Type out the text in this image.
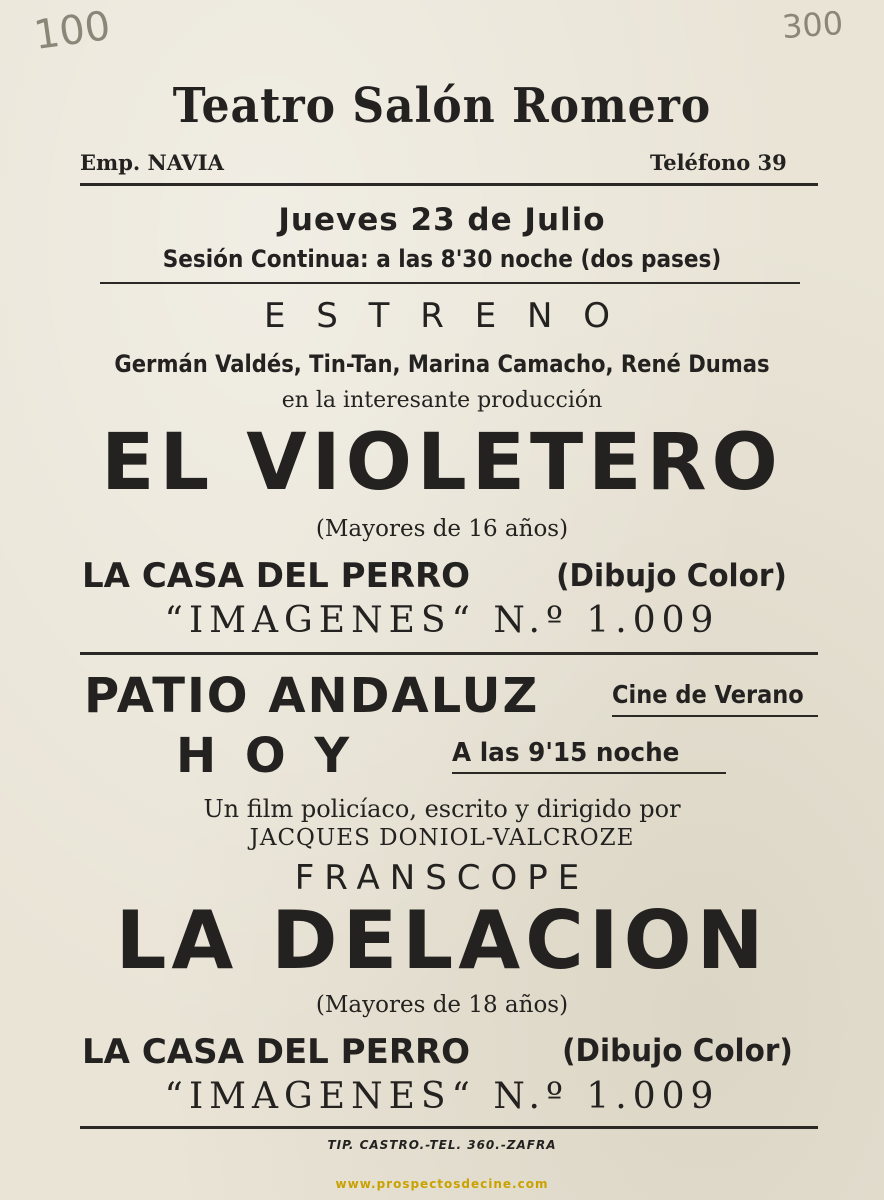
100	300
Teatro Salón Romero
Emp. NAVIA	Teléfono 39
Jueves 23 de Julio
Sesión Continua: a las 8'30 noche (dos pases)
E S T R E N O
Germán Valdés, Tin-Tan, Marina Camacho, René Dumas
en la interesante producción
EL VIOLETERO
(Mayores de 16 años)
LA CASA DEL PERRO	(Dibujo Color)
“IMAGENES“ N.º 1.009
PATIO ANDALUZ	Cine de Verano
H O Y	A las 9'15 noche
Un film policíaco, escrito y dirigido por
JACQUES DONIOL-VALCROZE
FRANSCOPE
LA DELACION
(Mayores de 18 años)
LA CASA DEL PERRO	(Dibujo Color)
“IMAGENES“ N.º 1.009
TIP. CASTRO.-TEL. 360.-ZAFRA
www.prospectosdecine.com
